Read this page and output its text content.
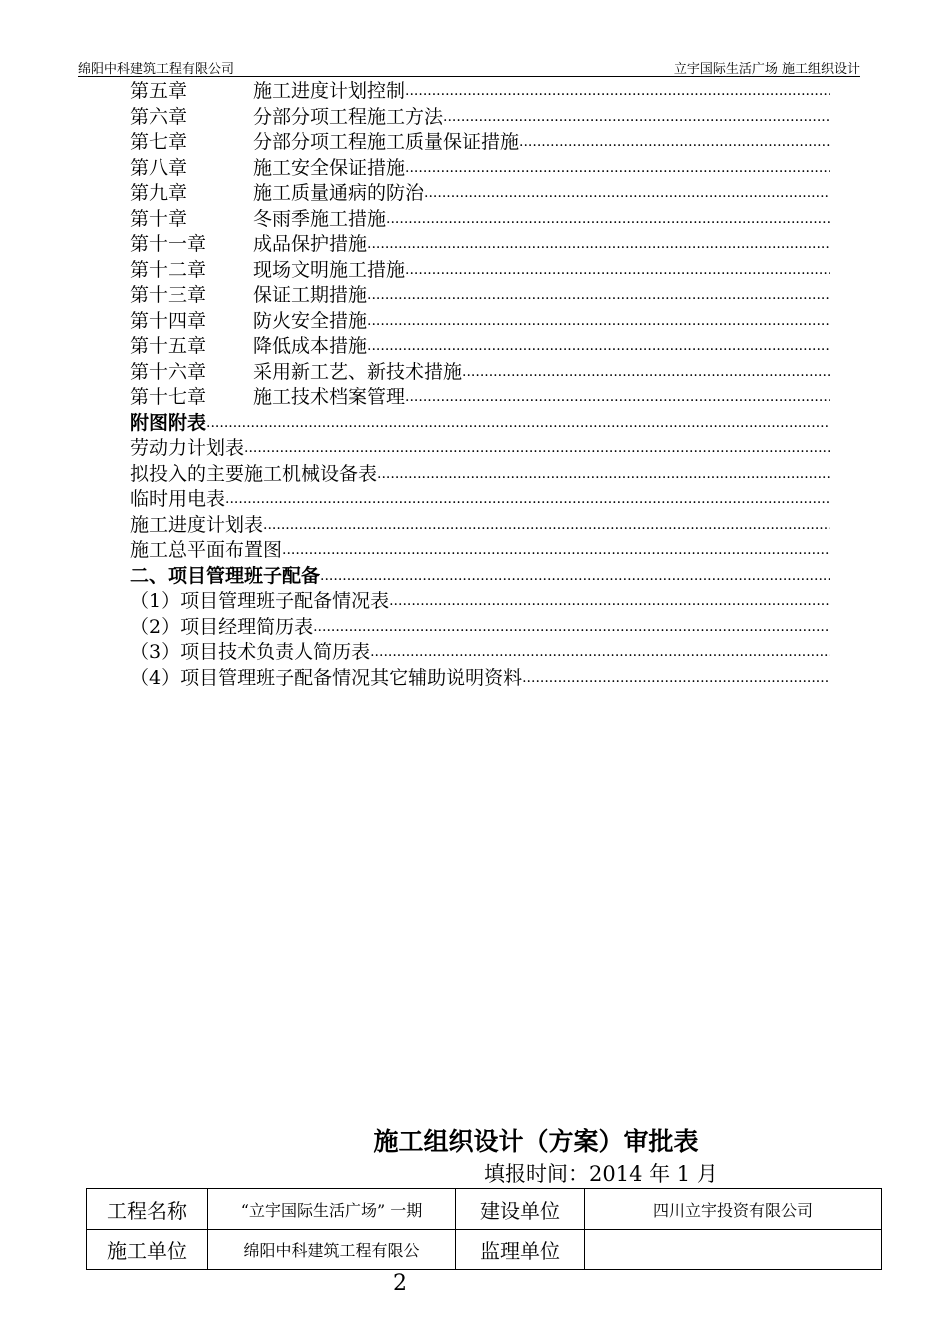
绵阳中科建筑工程有限公司	立宇国际生活广场 施工组织设计
第五章	施工进度计划控制
.....
第六章	分部分项工程施工方法
.....
第七章	分部分项工程施工质量保证措施
.....
第八章	施工安全保证措施
.....
第九章	施工质量通病的防治
.....
第十章	冬雨季施工措施
.....
第十一章	成品保护措施
.....
第十二章	现场文明施工措施
.....
第十三章	保证工期措施
.....
第十四章	防火安全措施
.....
第十五章	降低成本措施
.....
第十六章	采用新工艺、新技术措施
.....
第十七章	施工技术档案管理
.....
附图附表
.....
劳动力计划表
.....
拟投入的主要施工机械设备表
.....
临时用电表
.....
施工进度计划表
.....
施工总平面布置图
.....
二、项目管理班子配备
.....
（1）项目管理班子配备情况表
.....
（2）项目经理简历表
.....
（3）项目技术负责人简历表
.....
（4）项目管理班子配备情况其它辅助说明资料
.....
施工组织设计（方案）审批表
填报时间：2014 年 1 月
工程名称	“立宇国际生活广场” 一期	建设单位	四川立宇投资有限公司
施工单位	绵阳中科建筑工程有限公	监理单位	
2
